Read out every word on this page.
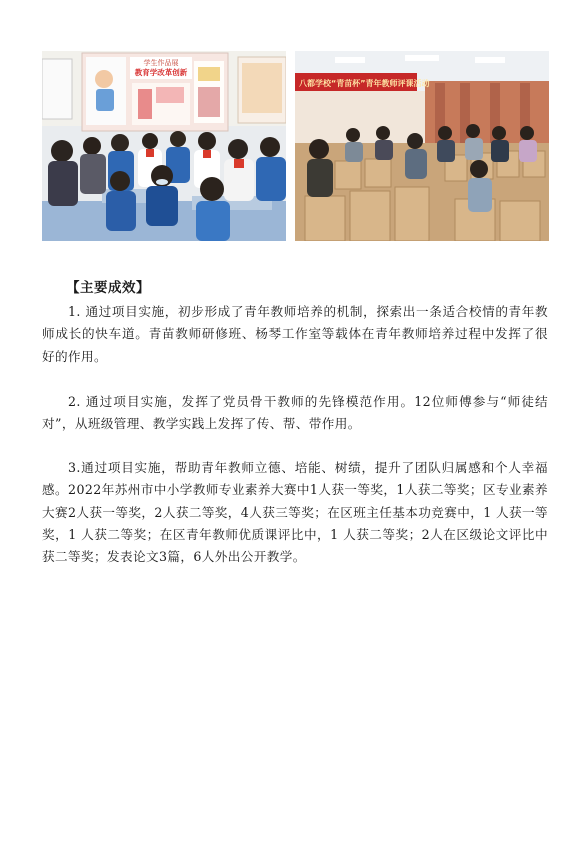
学生作品展
教育学改革创新
八都学校“青苗杯”青年教师评课活动
【主要成效】

1. 通过项目实施，初步形成了青年教师培养的机制，探索出一条适合校情的青年教师成长的快车道。青苗教师研修班、杨琴工作室等载体在青年教师培养过程中发挥了很好的作用。

2. 通过项目实施，发挥了党员骨干教师的先锋模范作用。12位师傅参与“师徒结对”，从班级管理、教学实践上发挥了传、帮、带作用。

3.通过项目实施，帮助青年教师立德、培能、树绩，提升了团队归属感和个人幸福感。2022年苏州市中小学教师专业素养大赛中1人获一等奖，1人获二等奖；区专业素养大赛2人获一等奖，2人获二等奖，4人获三等奖；在区班主任基本功竞赛中，1 人获一等奖，1 人获二等奖；在区青年教师优质课评比中，1 人获二等奖；2人在区级论文评比中获二等奖；发表论文3篇，6人外出公开教学。
